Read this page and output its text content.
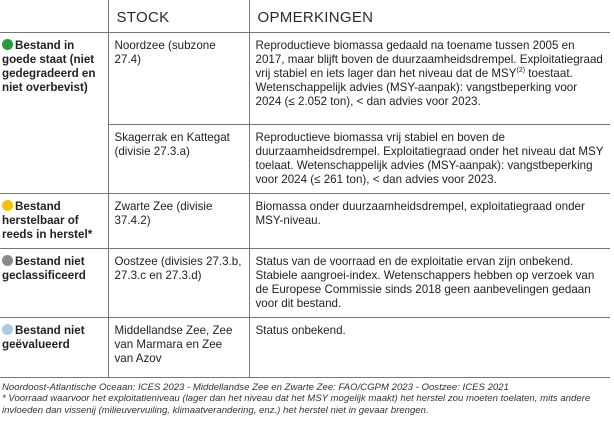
	STOCK	OPMERKINGEN
Bestand in goede staat (niet gedegradeerd en niet overbevist)	Noordzee (subzone 27.4)	Reproductieve biomassa gedaald na toename tussen 2005 en 2017, maar blijft boven de duurzaamheidsdrempel. Exploitatiegraad vrij stabiel en iets lager dan het niveau dat de MSY$^{(2)}$ toestaat. Wetenschappelijk advies (MSY-aanpak): vangstbeperking voor 2024 (≤ 2.052 ton), < dan advies voor 2023.
	Skagerrak en Kattegat (divisie 27.3.a)	Reproductieve biomassa vrij stabiel en boven de duurzaamheidsdrempel. Exploitatiegraad onder het niveau dat MSY toelaat. Wetenschappelijk advies (MSY-aanpak): vangstbeperking voor 2024 (≤ 261 ton), < dan advies voor 2023.
Bestand herstelbaar of reeds in herstel*	Zwarte Zee (divisie 37.4.2)	Biomassa onder duurzaamheidsdrempel, exploitatiegraad onder MSY-niveau.
Bestand niet geclassificeerd	Oostzee (divisies 27.3.b, 27.3.c en 27.3.d)	Status van de voorraad en de exploitatie ervan zijn onbekend. Stabiele aangroei-index. Wetenschappers hebben op verzoek van de Europese Commissie sinds 2018 geen aanbevelingen gedaan voor dit bestand.
Bestand niet geëvalueerd	Middellandse Zee, Zee van Marmara en Zee van Azov	Status onbekend.

Noordoost-Atlantische Oceaan: ICES 2023 - Middellandse Zee en Zwarte Zee: FAO/CGPM 2023 - Oostzee: ICES 2021

* Voorraad waarvoor het exploitatieniveau (lager dan het niveau dat het MSY mogelijk maakt) het herstel zou moeten toelaten, mits andere invloeden dan vissenij (milieuvervuiling, klimaatverandering, enz.) het herstel niet in gevaar brengen.
